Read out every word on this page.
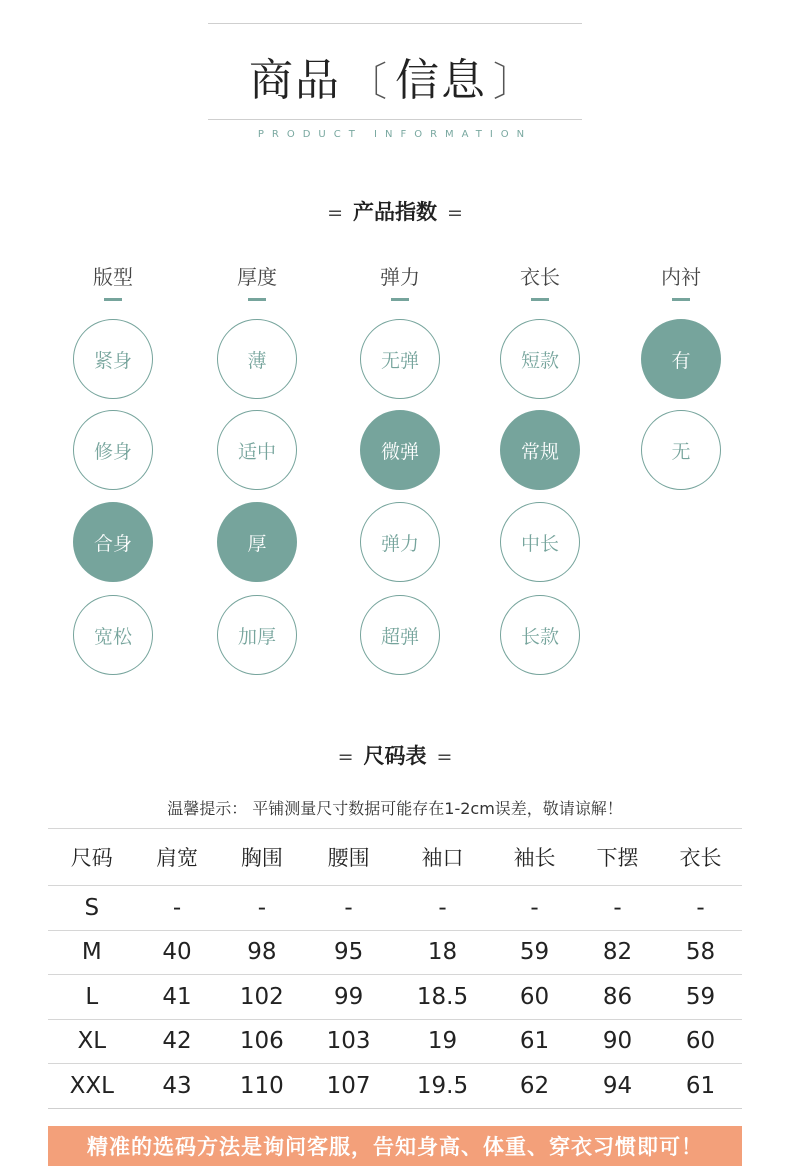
商品 〔 信息 〕
PRODUCT INFORMATION
= 产品指数 =
版型
紧身
修身
合身
宽松
厚度
薄
适中
厚
加厚
弹力
无弹
微弹
弹力
超弹
衣长
短款
常规
中长
长款
内衬
有
无
= 尺码表 =
温馨提示： 平铺测量尺寸数据可能存在1-2cm误差，敬请谅解！
尺码	肩宽	胸围	腰围	袖口	袖长	下摆	衣长
S	-	-	-	-	-	-	-
M	40	98	95	18	59	82	58
L	41	102	99	18.5	60	86	59
XL	42	106	103	19	61	90	60
XXL	43	110	107	19.5	62	94	61
精准的选码方法是询问客服，告知身高、体重、穿衣习惯即可！
